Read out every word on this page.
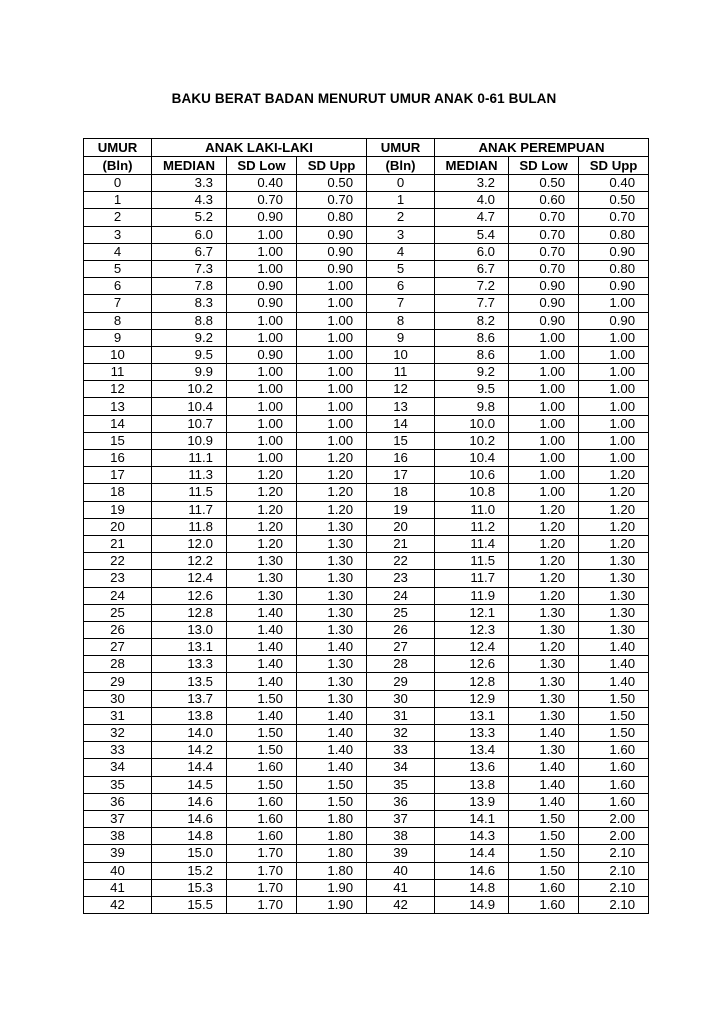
BAKU BERAT BADAN MENURUT UMUR ANAK 0-61 BULAN
UMUR	ANAK LAKI-LAKI			UMUR	ANAK PEREMPUAN		
(Bln)	MEDIAN	SD Low	SD Upp	(Bln)	MEDIAN	SD Low	SD Upp
0	3.3	0.40	0.50	0	3.2	0.50	0.40
1	4.3	0.70	0.70	1	4.0	0.60	0.50
2	5.2	0.90	0.80	2	4.7	0.70	0.70
3	6.0	1.00	0.90	3	5.4	0.70	0.80
4	6.7	1.00	0.90	4	6.0	0.70	0.90
5	7.3	1.00	0.90	5	6.7	0.70	0.80
6	7.8	0.90	1.00	6	7.2	0.90	0.90
7	8.3	0.90	1.00	7	7.7	0.90	1.00
8	8.8	1.00	1.00	8	8.2	0.90	0.90
9	9.2	1.00	1.00	9	8.6	1.00	1.00
10	9.5	0.90	1.00	10	8.6	1.00	1.00
11	9.9	1.00	1.00	11	9.2	1.00	1.00
12	10.2	1.00	1.00	12	9.5	1.00	1.00
13	10.4	1.00	1.00	13	9.8	1.00	1.00
14	10.7	1.00	1.00	14	10.0	1.00	1.00
15	10.9	1.00	1.00	15	10.2	1.00	1.00
16	11.1	1.00	1.20	16	10.4	1.00	1.00
17	11.3	1.20	1.20	17	10.6	1.00	1.20
18	11.5	1.20	1.20	18	10.8	1.00	1.20
19	11.7	1.20	1.20	19	11.0	1.20	1.20
20	11.8	1.20	1.30	20	11.2	1.20	1.20
21	12.0	1.20	1.30	21	11.4	1.20	1.20
22	12.2	1.30	1.30	22	11.5	1.20	1.30
23	12.4	1.30	1.30	23	11.7	1.20	1.30
24	12.6	1.30	1.30	24	11.9	1.20	1.30
25	12.8	1.40	1.30	25	12.1	1.30	1.30
26	13.0	1.40	1.30	26	12.3	1.30	1.30
27	13.1	1.40	1.40	27	12.4	1.20	1.40
28	13.3	1.40	1.30	28	12.6	1.30	1.40
29	13.5	1.40	1.30	29	12.8	1.30	1.40
30	13.7	1.50	1.30	30	12.9	1.30	1.50
31	13.8	1.40	1.40	31	13.1	1.30	1.50
32	14.0	1.50	1.40	32	13.3	1.40	1.50
33	14.2	1.50	1.40	33	13.4	1.30	1.60
34	14.4	1.60	1.40	34	13.6	1.40	1.60
35	14.5	1.50	1.50	35	13.8	1.40	1.60
36	14.6	1.60	1.50	36	13.9	1.40	1.60
37	14.6	1.60	1.80	37	14.1	1.50	2.00
38	14.8	1.60	1.80	38	14.3	1.50	2.00
39	15.0	1.70	1.80	39	14.4	1.50	2.10
40	15.2	1.70	1.80	40	14.6	1.50	2.10
41	15.3	1.70	1.90	41	14.8	1.60	2.10
42	15.5	1.70	1.90	42	14.9	1.60	2.10
